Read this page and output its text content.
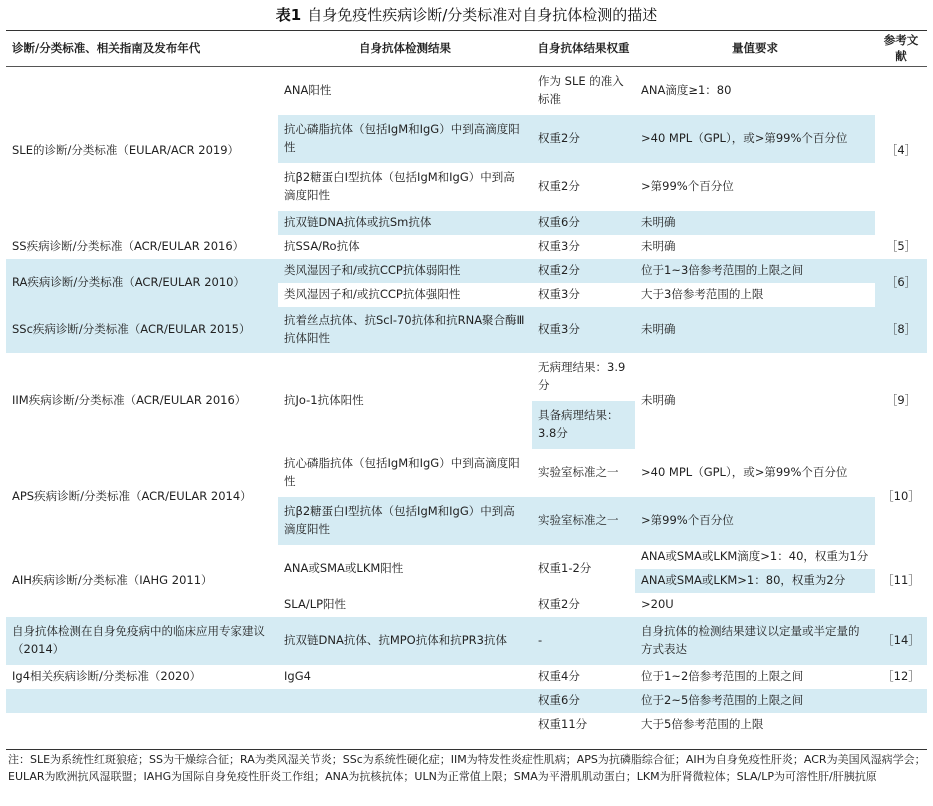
表1 自身免疫性疾病诊断/分类标准对自身抗体检测的描述
诊断/分类标准、相关指南及发布年代	自身抗体检测结果	自身抗体结果权重	量值要求	参考文献
SLE的诊断/分类标准（EULAR/ACR 2019）	ANA阳性	作为 SLE 的准入标准	ANA滴度≥1：80	［4］
	抗心磷脂抗体（包括IgM和IgG）中到高滴度阳性	权重2分	>40 MPL（GPL），或>第99%个百分位	
	抗β2糖蛋白Ⅰ型抗体（包括IgM和IgG）中到高滴度阳性	权重2分	>第99%个百分位	
	抗双链DNA抗体或抗Sm抗体	权重6分	未明确	
SS疾病诊断/分类标准（ACR/EULAR 2016）	抗SSA/Ro抗体	权重3分	未明确	［5］
RA疾病诊断/分类标准（ACR/EULAR 2010）	类风湿因子和/或抗CCP抗体弱阳性	权重2分	位于1~3倍参考范围的上限之间	［6］
	类风湿因子和/或抗CCP抗体强阳性	权重3分	大于3倍参考范围的上限	
SSc疾病诊断/分类标准（ACR/EULAR 2015）	抗着丝点抗体、抗Scl-70抗体和抗RNA聚合酶Ⅲ抗体阳性	权重3分	未明确	［8］
IIM疾病诊断/分类标准（ACR/EULAR 2016）	抗Jo-1抗体阳性	无病理结果：3.9分	未明确	［9］
		具备病理结果：3.8分		
APS疾病诊断/分类标准（ACR/EULAR 2014）	抗心磷脂抗体（包括IgM和IgG）中到高滴度阳性	实验室标准之一	>40 MPL（GPL），或>第99%个百分位	［10］
	抗β2糖蛋白Ⅰ型抗体（包括IgM和IgG）中到高滴度阳性	实验室标准之一	>第99%个百分位	
AIH疾病诊断/分类标准（IAHG 2011）	ANA或SMA或LKM阳性	权重1-2分	ANA或SMA或LKM滴度>1：40，权重为1分	［11］
			ANA或SMA或LKM>1：80，权重为2分	
	SLA/LP阳性	权重2分	>20U	
自身抗体检测在自身免疫病中的临床应用专家建议（2014）	抗双链DNA抗体、抗MPO抗体和抗PR3抗体	-	自身抗体的检测结果建议以定量或半定量的方式表达	［14］
Ig4相关疾病诊断/分类标准（2020）	IgG4	权重4分	位于1~2倍参考范围的上限之间	［12］
		权重6分	位于2~5倍参考范围的上限之间	
		权重11分	大于5倍参考范围的上限	
注：SLE为系统性红斑狼疮；SS为干燥综合征；RA为类风湿关节炎；SSc为系统性硬化症；IIM为特发性炎症性肌病；APS为抗磷脂综合征；AIH为自身免疫性肝炎；ACR为美国风湿病学会；EULAR为欧洲抗风湿联盟；IAHG为国际自身免疫性肝炎工作组；ANA为抗核抗体；ULN为正常值上限；SMA为平滑肌肌动蛋白；LKM为肝肾微粒体；SLA/LP为可溶性肝/肝胰抗原
